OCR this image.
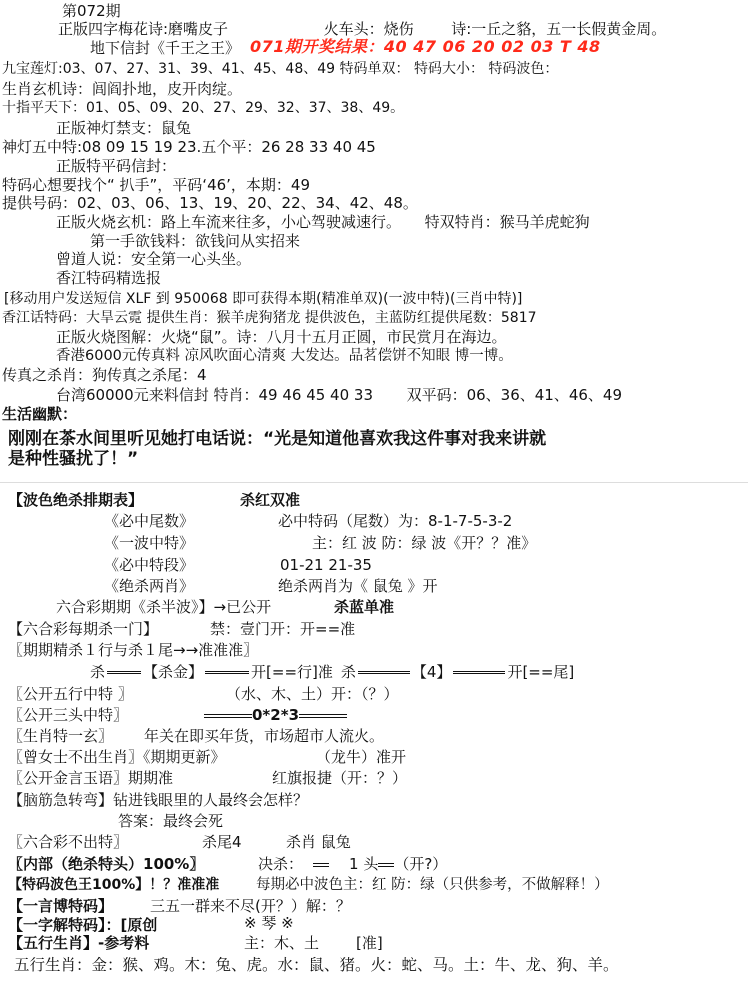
第072期
正版四字梅花诗:磨嘴皮子	火车头：烧伤	诗:一丘之貉，五一长假黄金周。
地下信封《千王之王》 071期开奖结果：40 47 06 20 02 03 T 48
九宝莲灯:03、07、27、31、39、41、45、48、49 特码单双： 特码大小： 特码波色：
生肖玄机诗：闾阎扑地，皮开肉绽。
十指平天下：01、05、09、20、27、29、32、37、38、49。
正版神灯禁支：鼠兔
神灯五中特:08 09 15 19 23.五个平：26 28 33 40 45
正版特平码信封：
特码心想要找个“ 扒手”，平码‘46’，本期：49
提供号码：02、03、06、13、19、20、22、34、42、48。
正版火烧玄机：路上车流来往多，小心驾驶减速行。 特双特肖：猴马羊虎蛇狗
第一手欲钱料：欲钱问从实招来
曾道人说：安全第一心头坐。
香江特码精选报
[移动用户发送短信 XLF 到 950068 即可获得本期(精准单双)(一波中特)(三肖中特)]
香江话特码：大旱云霓 提供生肖：猴羊虎狗猪龙 提供波色，主蓝防红提供尾数：5817
正版火烧图解：火烧“鼠”。诗：八月十五月正圆，市民赏月在海边。
香港6000元传真料 凉风吹面心清爽 大发达。品茗偿饼不知眼 博一博。
传真之杀肖：狗传真之杀尾：4
台湾60000元来料信封 特肖：49 46 45 40 33 双平码：06、36、41、46、49
生活幽默：
刚刚在茶水间里听见她打电话说：“光是知道他喜欢我这件事对我来讲就
是种性骚扰了！”
【波色绝杀排期表】	杀红双准
《必中尾数》	必中特码（尾数）为：8-1-7-5-3-2
《一波中特》	主：红 波 防：绿 波《开？？准》
《必中特段》	01-21 21-35
《绝杀两肖》	绝杀两肖为《 鼠兔 》开
六合彩期期《杀半波》】→已公开	杀蓝单准
【六合彩每期杀一门】	禁：壹门开：开==准
〖期期精杀１行与杀１尾→→准准准〗
杀	【杀金】	开[==行]准 杀	【4】	开[==尾]
〖公开五行中特 〗	（水、木、土）开：（？）
〖公开三头中特〗	0*2*3
〖生肖特一玄〗 年关在即买年货，市场超市人流火。
〖曾女士不出生肖〗《期期更新》	（龙牛）准开
〖公开金言玉语〗期期准	红旗报捷（开：？）
【脑筋急转弯】钻进钱眼里的人最终会怎样？
答案：最终会死
〖六合彩不出特〗	杀尾4	杀肖 鼠兔
〖内部（绝杀特头）100%〗	决杀：	1 头 （开?）
【特码波色王100%】！？准准准	每期必中波色主：红 防：绿（只供参考，不做解释！）
【一言博特码】 三五一群来不尽(开？）解：？
【一字解特码】：[原创	※ 琴 ※
【五行生肖】-参考料	主：木、土 [准]
五行生肖：金：猴、鸡。木：兔、虎。水：鼠、猪。火：蛇、马。土：牛、龙、狗、羊。
